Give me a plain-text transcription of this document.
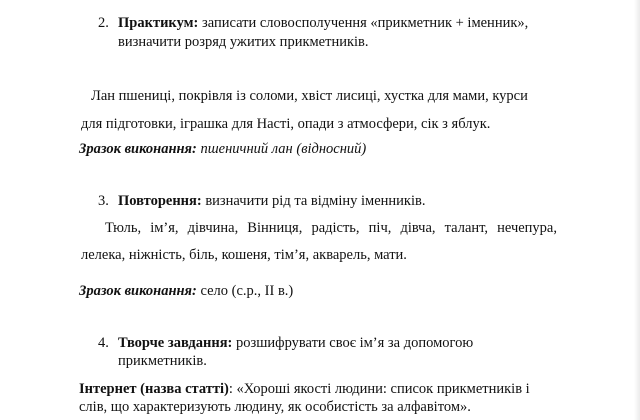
2. Практикум: записати словосполучення «прикметник + іменник»,
визначити розряд ужитих прикметників.
Лан пшениці, покрівля із соломи, хвіст лисиці, хустка для мами, курси
для підготовки, іграшка для Насті, опади з атмосфери, сік з яблук.
Зразок виконання: пшеничний лан (відносний)
3. Повторення: визначити рід та відміну іменників.
Тюль, ім’я, дівчина, Вінниця, радість, піч, дівча, талант, нечепура,
лелека, ніжність, біль, кошеня, тім’я, акварель, мати.
Зразок виконання: село (с.р., ІІ в.)
4. Творче завдання: розшифрувати своє ім’я за допомогою
прикметників.
Інтернет (назва статті): «Хороші якості людини: список прикметників і
слів, що характеризують людину, як особистість за алфавітом».
